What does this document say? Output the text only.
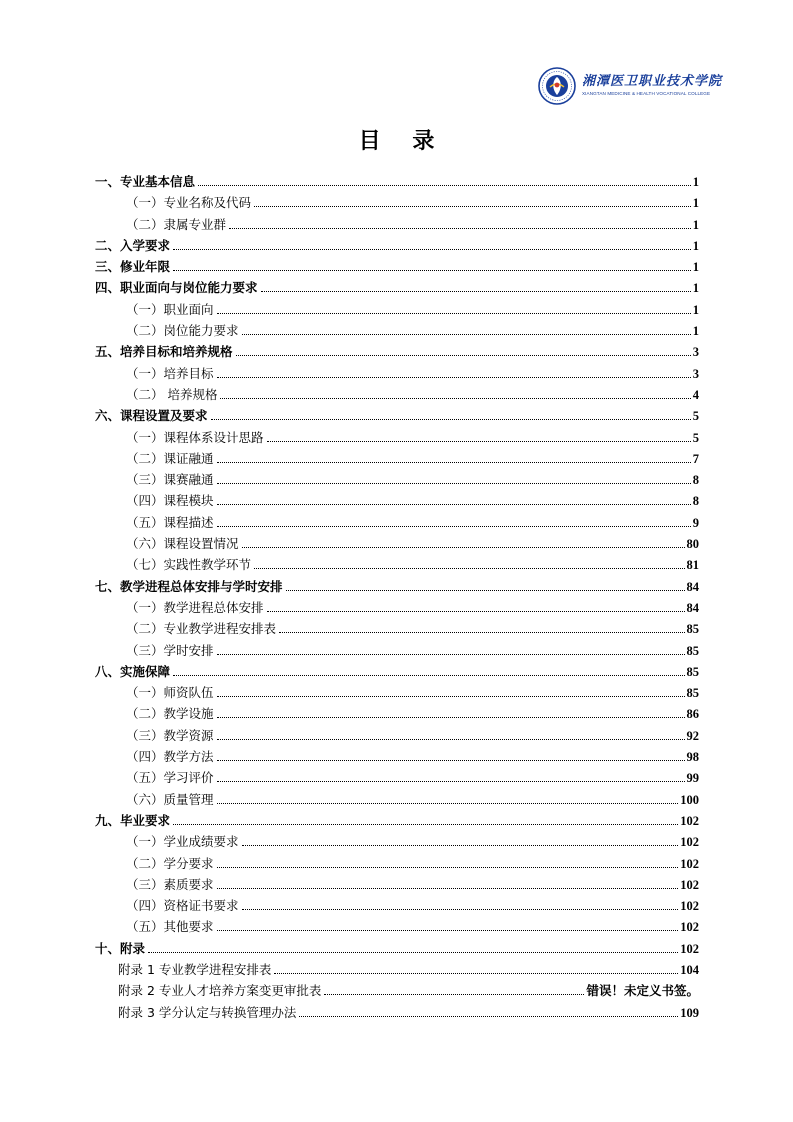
湘潭医卫职业技术学院
XIANGTAN MEDICINE & HEALTH VOCATIONAL COLLEGE
目 录
一、专业基本信息	1
（一）专业名称及代码	1
（二）隶属专业群	1
二、入学要求	1
三、修业年限	1
四、职业面向与岗位能力要求	1
（一）职业面向	1
（二）岗位能力要求	1
五、培养目标和培养规格	3
（一）培养目标	3
（二） 培养规格	4
六、课程设置及要求	5
（一）课程体系设计思路	5
（二）课证融通	7
（三）课赛融通	8
（四）课程模块	8
（五）课程描述	9
（六）课程设置情况	80
（七）实践性教学环节	81
七、教学进程总体安排与学时安排	84
（一）教学进程总体安排	84
（二）专业教学进程安排表	85
（三）学时安排	85
八、实施保障	85
（一）师资队伍	85
（二）教学设施	86
（三）教学资源	92
（四）教学方法	98
（五）学习评价	99
（六）质量管理	100
九、毕业要求	102
（一）学业成绩要求	102
（二）学分要求	102
（三）素质要求	102
（四）资格证书要求	102
（五）其他要求	102
十、附录	102
附录 1 专业教学进程安排表	104
附录 2 专业人才培养方案变更审批表	错误！未定义书签。
附录 3 学分认定与转换管理办法	109
